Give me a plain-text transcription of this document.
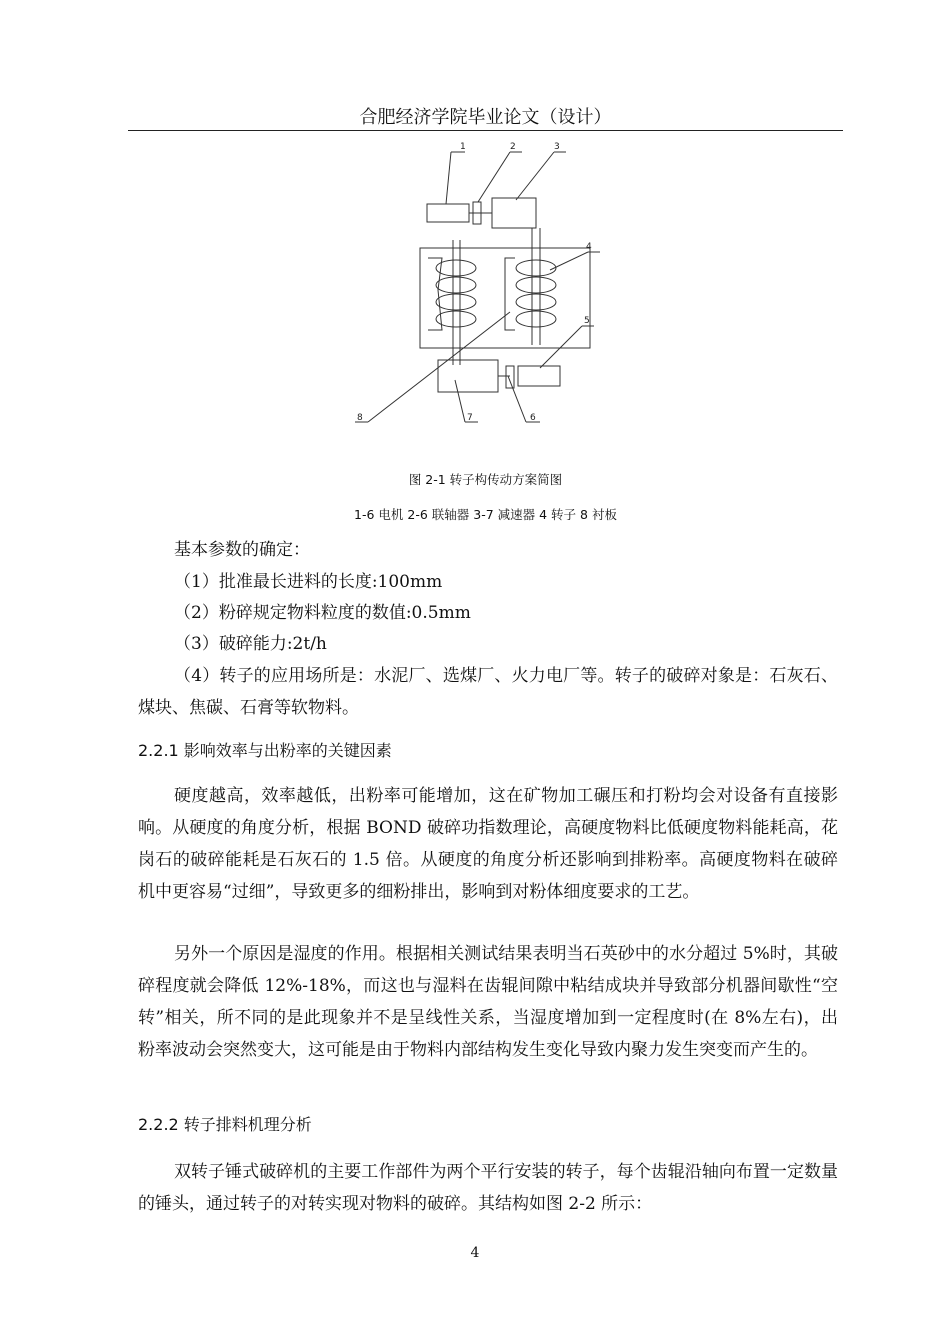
合肥经济学院毕业论文（设计）
1	2	3
4
5
6
7
8
图 2-1 转子构传动方案简图
1-6 电机 2-6 联轴器 3-7 减速器 4 转子 8 衬板
基本参数的确定：
（1）批准最长进料的长度:100mm
（2）粉碎规定物料粒度的数值:0.5mm
（3）破碎能力:2t/h

（4）转子的应用场所是：水泥厂、选煤厂、火力电厂等。转子的破碎对象是：石灰石、煤块、焦碳、石膏等软物料。

2.2.1 影响效率与出粉率的关键因素

硬度越高，效率越低，出粉率可能增加，这在矿物加工碾压和打粉均会对设备有直接影响。从硬度的角度分析，根据 BOND 破碎功指数理论，高硬度物料比低硬度物料能耗高，花岗石的破碎能耗是石灰石的 1.5 倍。从硬度的角度分析还影响到排粉率。高硬度物料在破碎机中更容易“过细”，导致更多的细粉排出，影响到对粉体细度要求的工艺。

另外一个原因是湿度的作用。根据相关测试结果表明当石英砂中的水分超过 5%时，其破碎程度就会降低 12%-18%，而这也与湿料在齿辊间隙中粘结成块并导致部分机器间歇性“空转”相关，所不同的是此现象并不是呈线性关系，当湿度增加到一定程度时(在 8%左右)，出粉率波动会突然变大，这可能是由于物料内部结构发生变化导致内聚力发生突变而产生的。

2.2.2 转子排料机理分析

双转子锤式破碎机的主要工作部件为两个平行安装的转子，每个齿辊沿轴向布置一定数量的锤头，通过转子的对转实现对物料的破碎。其结构如图 2-2 所示：

4
